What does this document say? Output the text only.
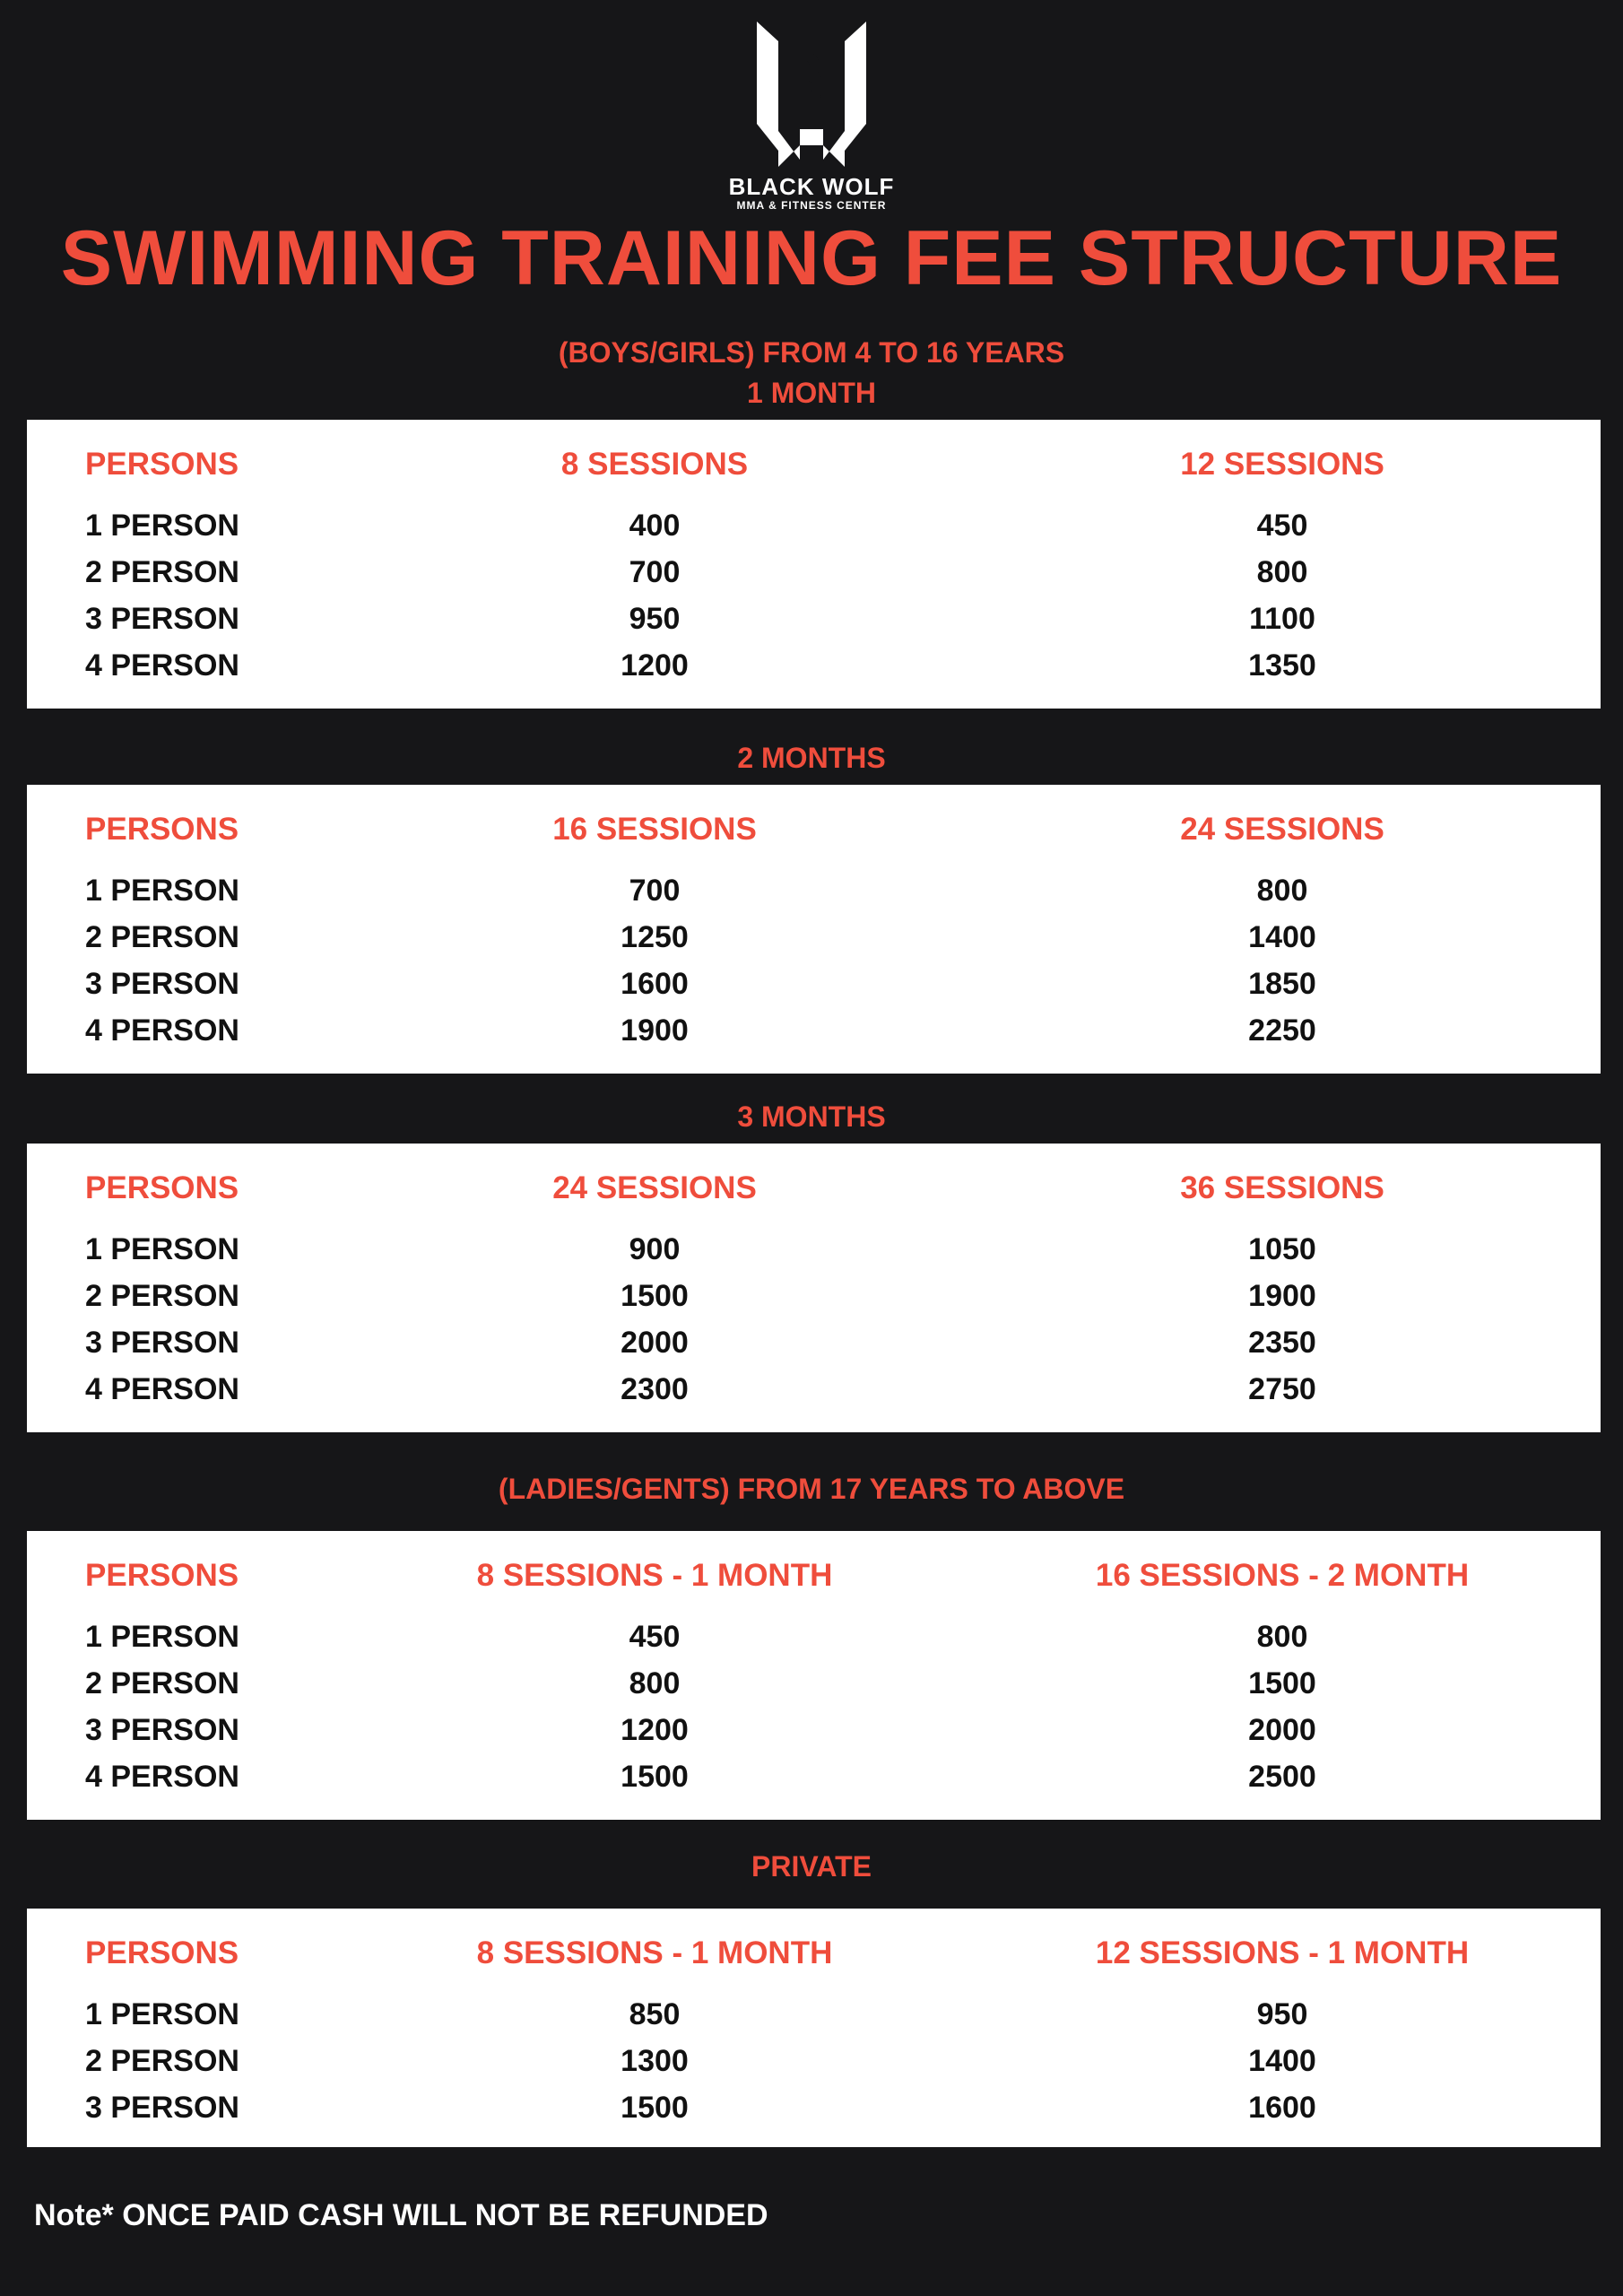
BLACK WOLF
MMA & FITNESS CENTER
SWIMMING TRAINING FEE STRUCTURE
(BOYS/GIRLS) FROM 4 TO 16 YEARS
1 MONTH
PERSONS	8 SESSIONS	12 SESSIONS
1 PERSON	400	450
2 PERSON	700	800
3 PERSON	950	1100
4 PERSON	1200	1350
2 MONTHS
PERSONS	16 SESSIONS	24 SESSIONS
1 PERSON	700	800
2 PERSON	1250	1400
3 PERSON	1600	1850
4 PERSON	1900	2250
3 MONTHS
PERSONS	24 SESSIONS	36 SESSIONS
1 PERSON	900	1050
2 PERSON	1500	1900
3 PERSON	2000	2350
4 PERSON	2300	2750
(LADIES/GENTS) FROM 17 YEARS TO ABOVE
PERSONS	8 SESSIONS - 1 MONTH	16 SESSIONS - 2 MONTH
1 PERSON	450	800
2 PERSON	800	1500
3 PERSON	1200	2000
4 PERSON	1500	2500
PRIVATE
PERSONS	8 SESSIONS - 1 MONTH	12 SESSIONS - 1 MONTH
1 PERSON	850	950
2 PERSON	1300	1400
3 PERSON	1500	1600
Note* ONCE PAID CASH WILL NOT BE REFUNDED
